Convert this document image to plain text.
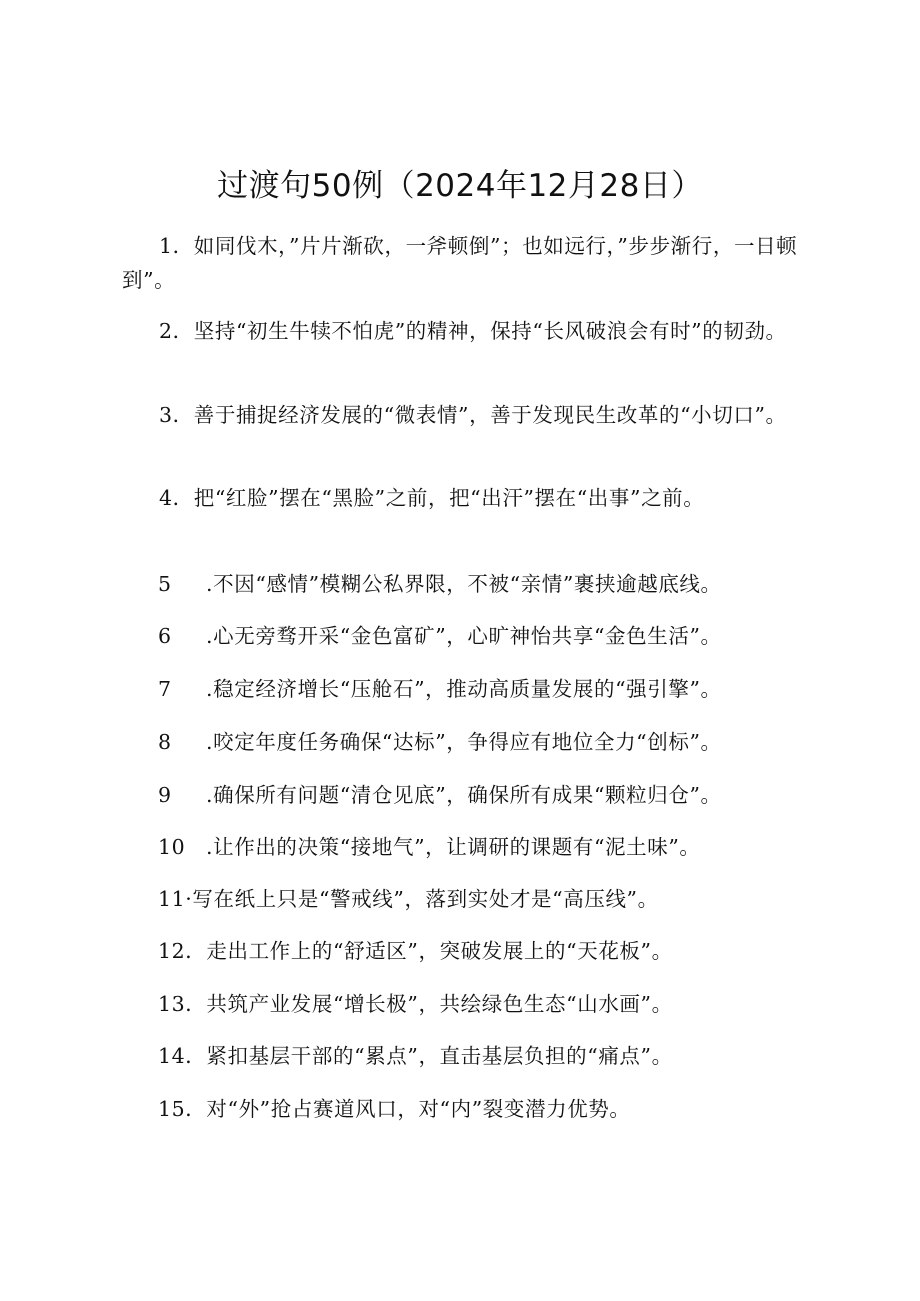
过渡句50例（2024年12月28日）
1．如同伐木，”片片渐砍，一斧顿倒”；也如远行，”步步渐行，一日顿到”。
2．坚持“初生牛犊不怕虎”的精神，保持“长风破浪会有时”的韧劲。
3．善于捕捉经济发展的“微表情”，善于发现民生改革的“小切口”。
4．把“红脸”摆在“黑脸”之前，把“出汗”摆在“出事”之前。
5 .不因“感情”模糊公私界限，不被“亲情”裹挟逾越底线。
6 .心无旁骛开采“金色富矿”，心旷神怡共享“金色生活”。
7 .稳定经济增长“压舱石”，推动高质量发展的“强引擎”。
8 .咬定年度任务确保“达标”，争得应有地位全力“创标”。
9 .确保所有问题“清仓见底”，确保所有成果“颗粒归仓”。
10 .让作出的决策“接地气”，让调研的课题有“泥土味”。
11·写在纸上只是“警戒线”，落到实处才是“高压线”。
12．走出工作上的“舒适区”，突破发展上的“天花板”。
13．共筑产业发展“增长极”，共绘绿色生态“山水画”。
14．紧扣基层干部的“累点”，直击基层负担的“痛点”。
15．对“外”抢占赛道风口，对“内”裂变潜力优势。
